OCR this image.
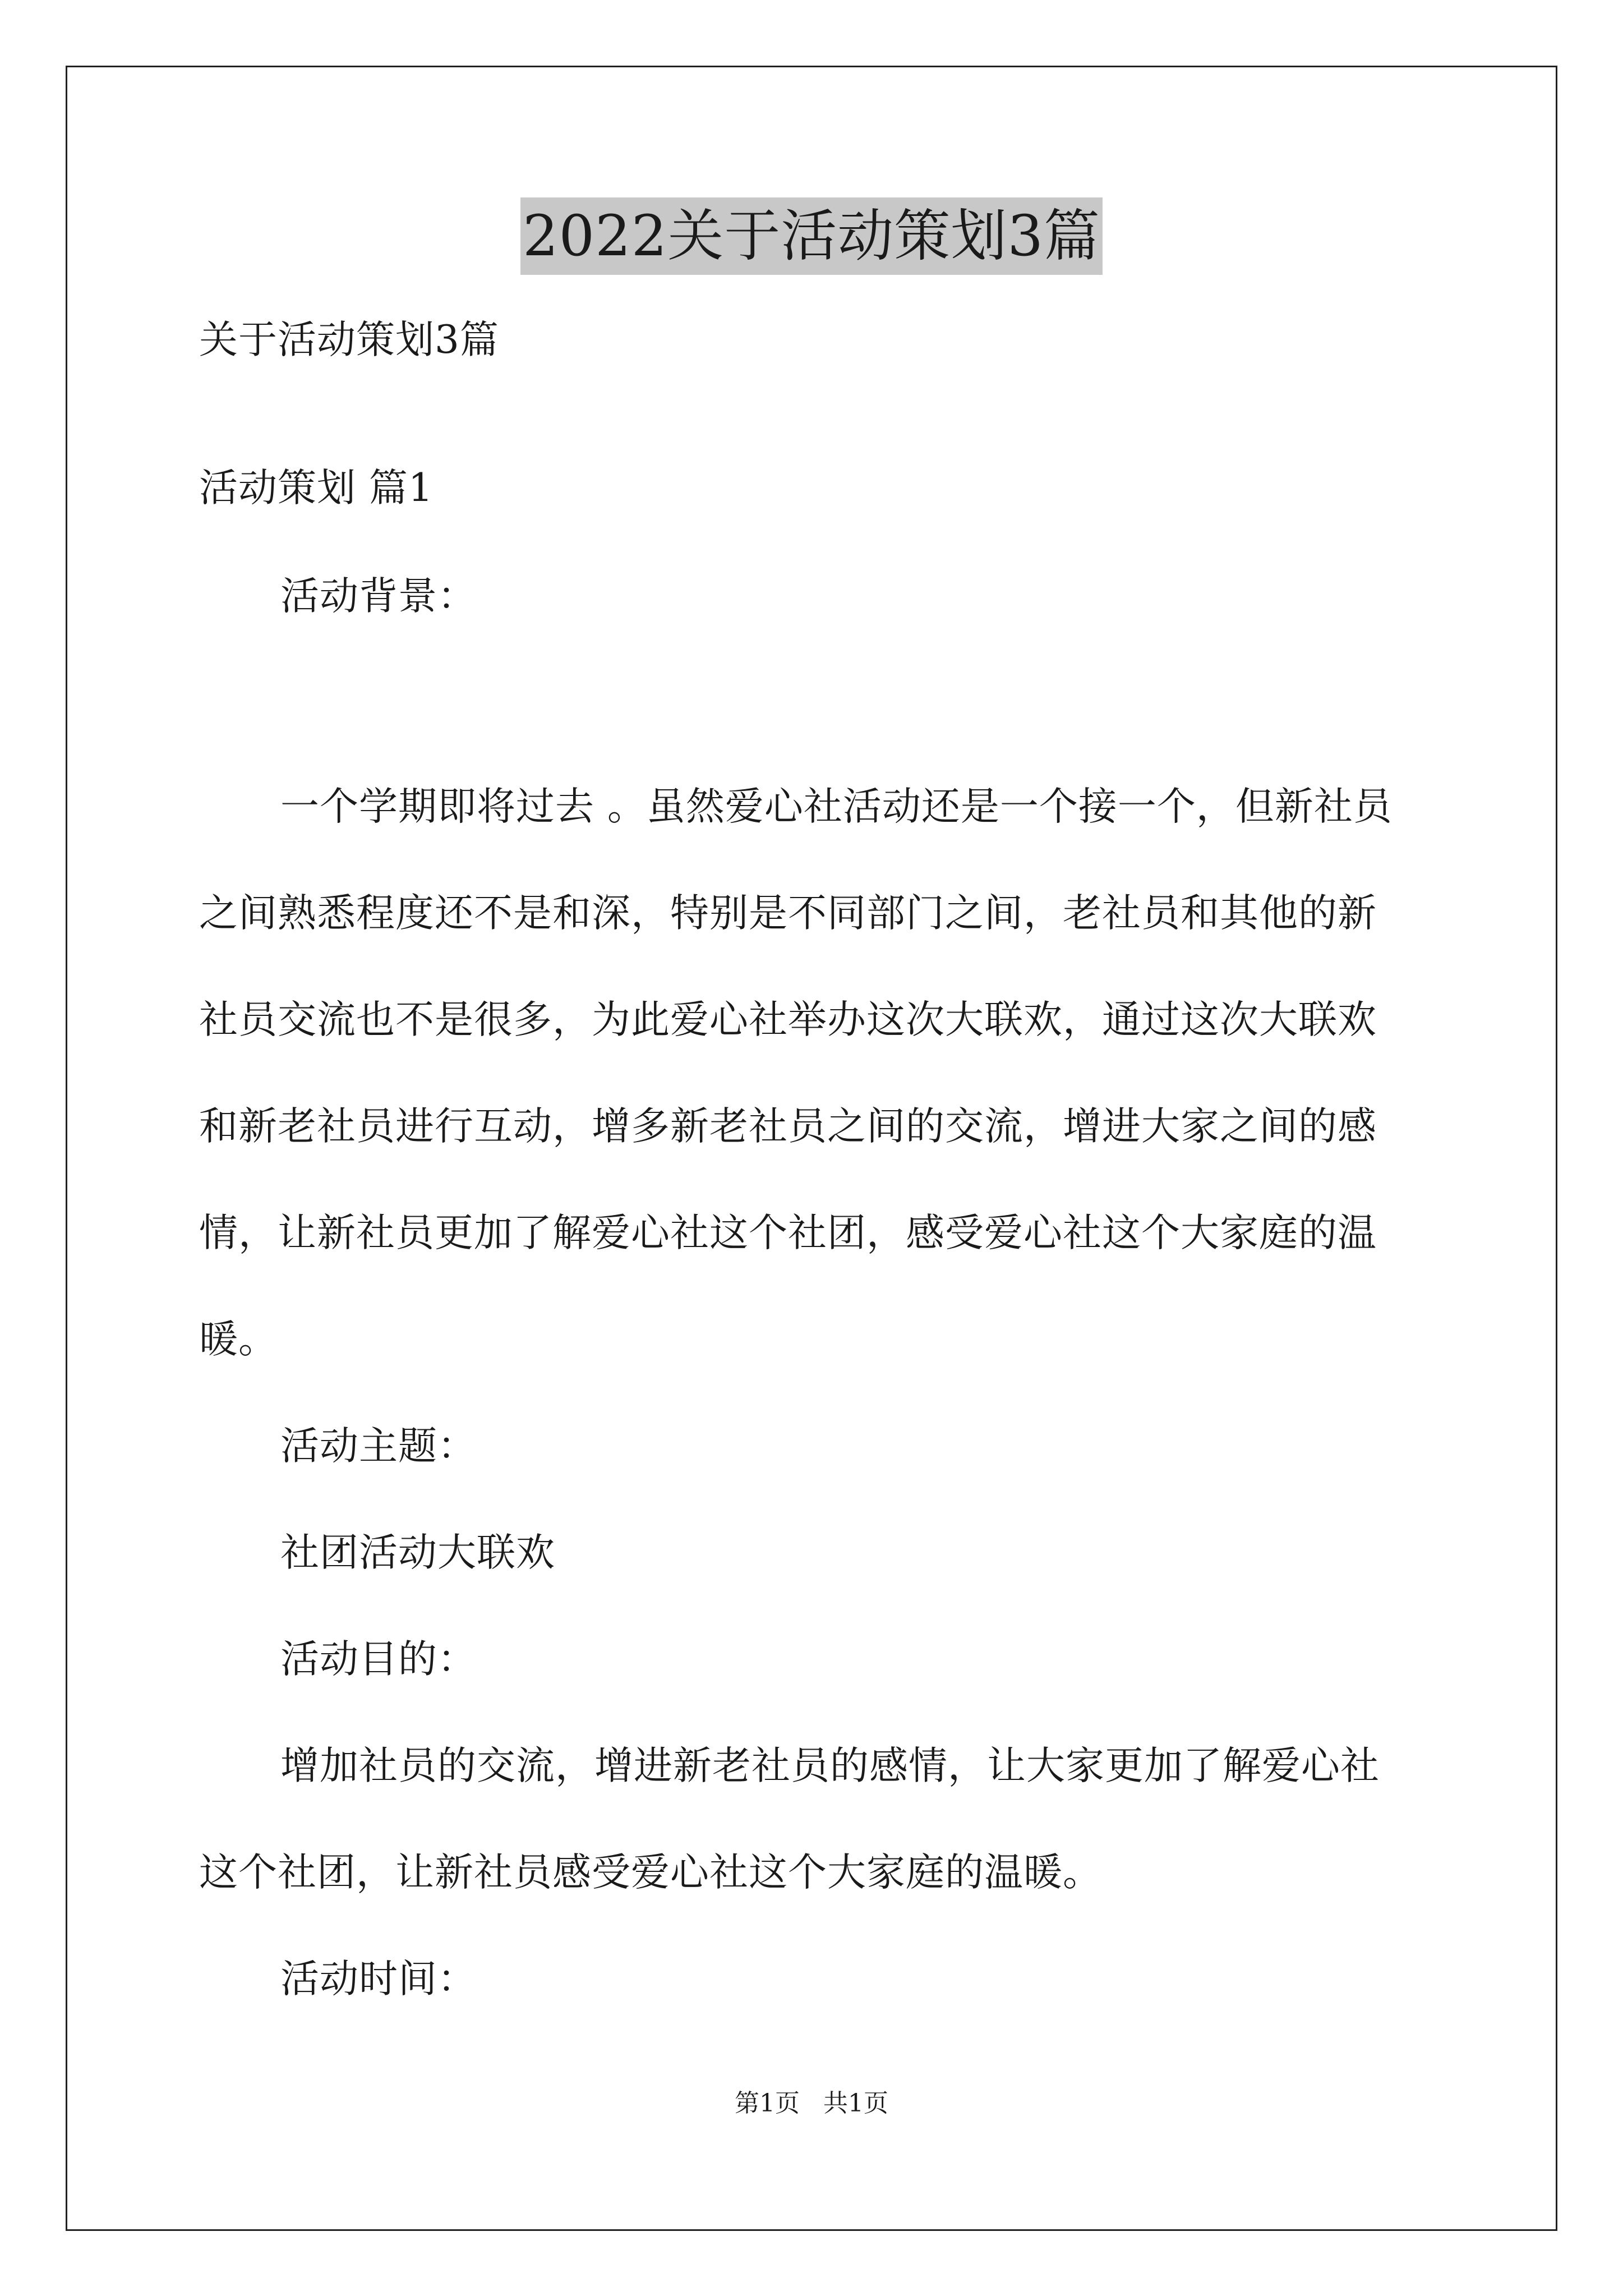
2022关于活动策划3篇
关于活动策划3篇
活动策划 篇1
活动背景：
一个学期即将过去 。虽然爱心社活动还是一个接一个，但新社员
之间熟悉程度还不是和深，特别是不同部门之间，老社员和其他的新
社员交流也不是很多，为此爱心社举办这次大联欢，通过这次大联欢
和新老社员进行互动，增多新老社员之间的交流，增进大家之间的感
情，让新社员更加了解爱心社这个社团，感受爱心社这个大家庭的温
暖。
活动主题：
社团活动大联欢
活动目的：
增加社员的交流，增进新老社员的感情，让大家更加了解爱心社
这个社团，让新社员感受爱心社这个大家庭的温暖。
活动时间：
第1页   共1页
